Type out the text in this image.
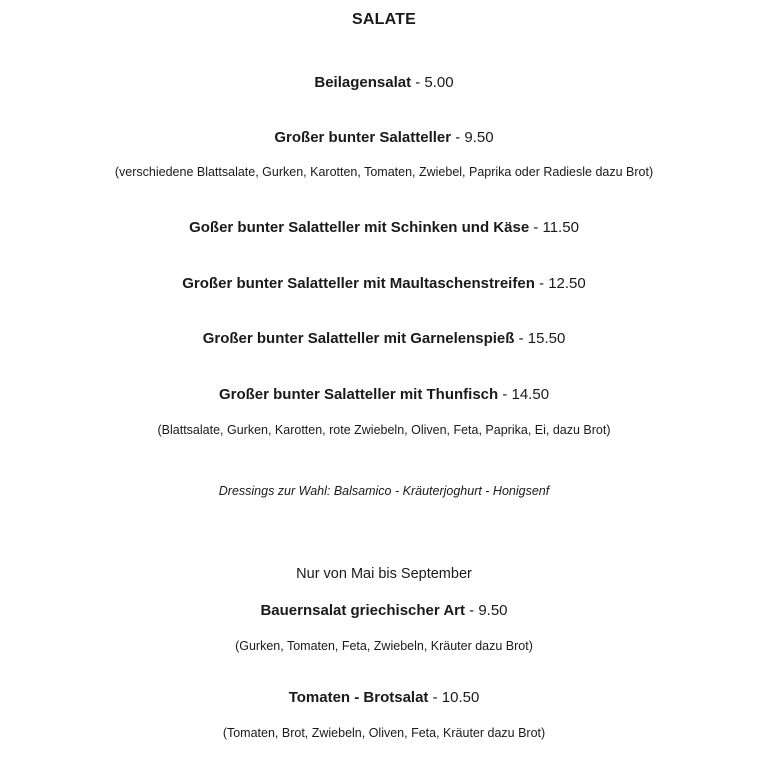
SALATE
Beilagensalat - 5.00
Großer bunter Salatteller - 9.50
(verschiedene Blattsalate, Gurken, Karotten, Tomaten, Zwiebel, Paprika oder Radiesle dazu Brot)
Goßer bunter Salatteller mit Schinken und Käse - 11.50
Großer bunter Salatteller mit Maultaschenstreifen - 12.50
Großer bunter Salatteller mit Garnelenspieß - 15.50
Großer bunter Salatteller mit Thunfisch - 14.50
(Blattsalate, Gurken, Karotten, rote Zwiebeln, Oliven, Feta, Paprika, Ei, dazu Brot)
Dressings zur Wahl: Balsamico - Kräuterjoghurt - Honigsenf
Nur von Mai bis September
Bauernsalat griechischer Art - 9.50
(Gurken, Tomaten, Feta, Zwiebeln, Kräuter dazu Brot)
Tomaten - Brotsalat - 10.50
(Tomaten, Brot, Zwiebeln, Oliven, Feta, Kräuter dazu Brot)
